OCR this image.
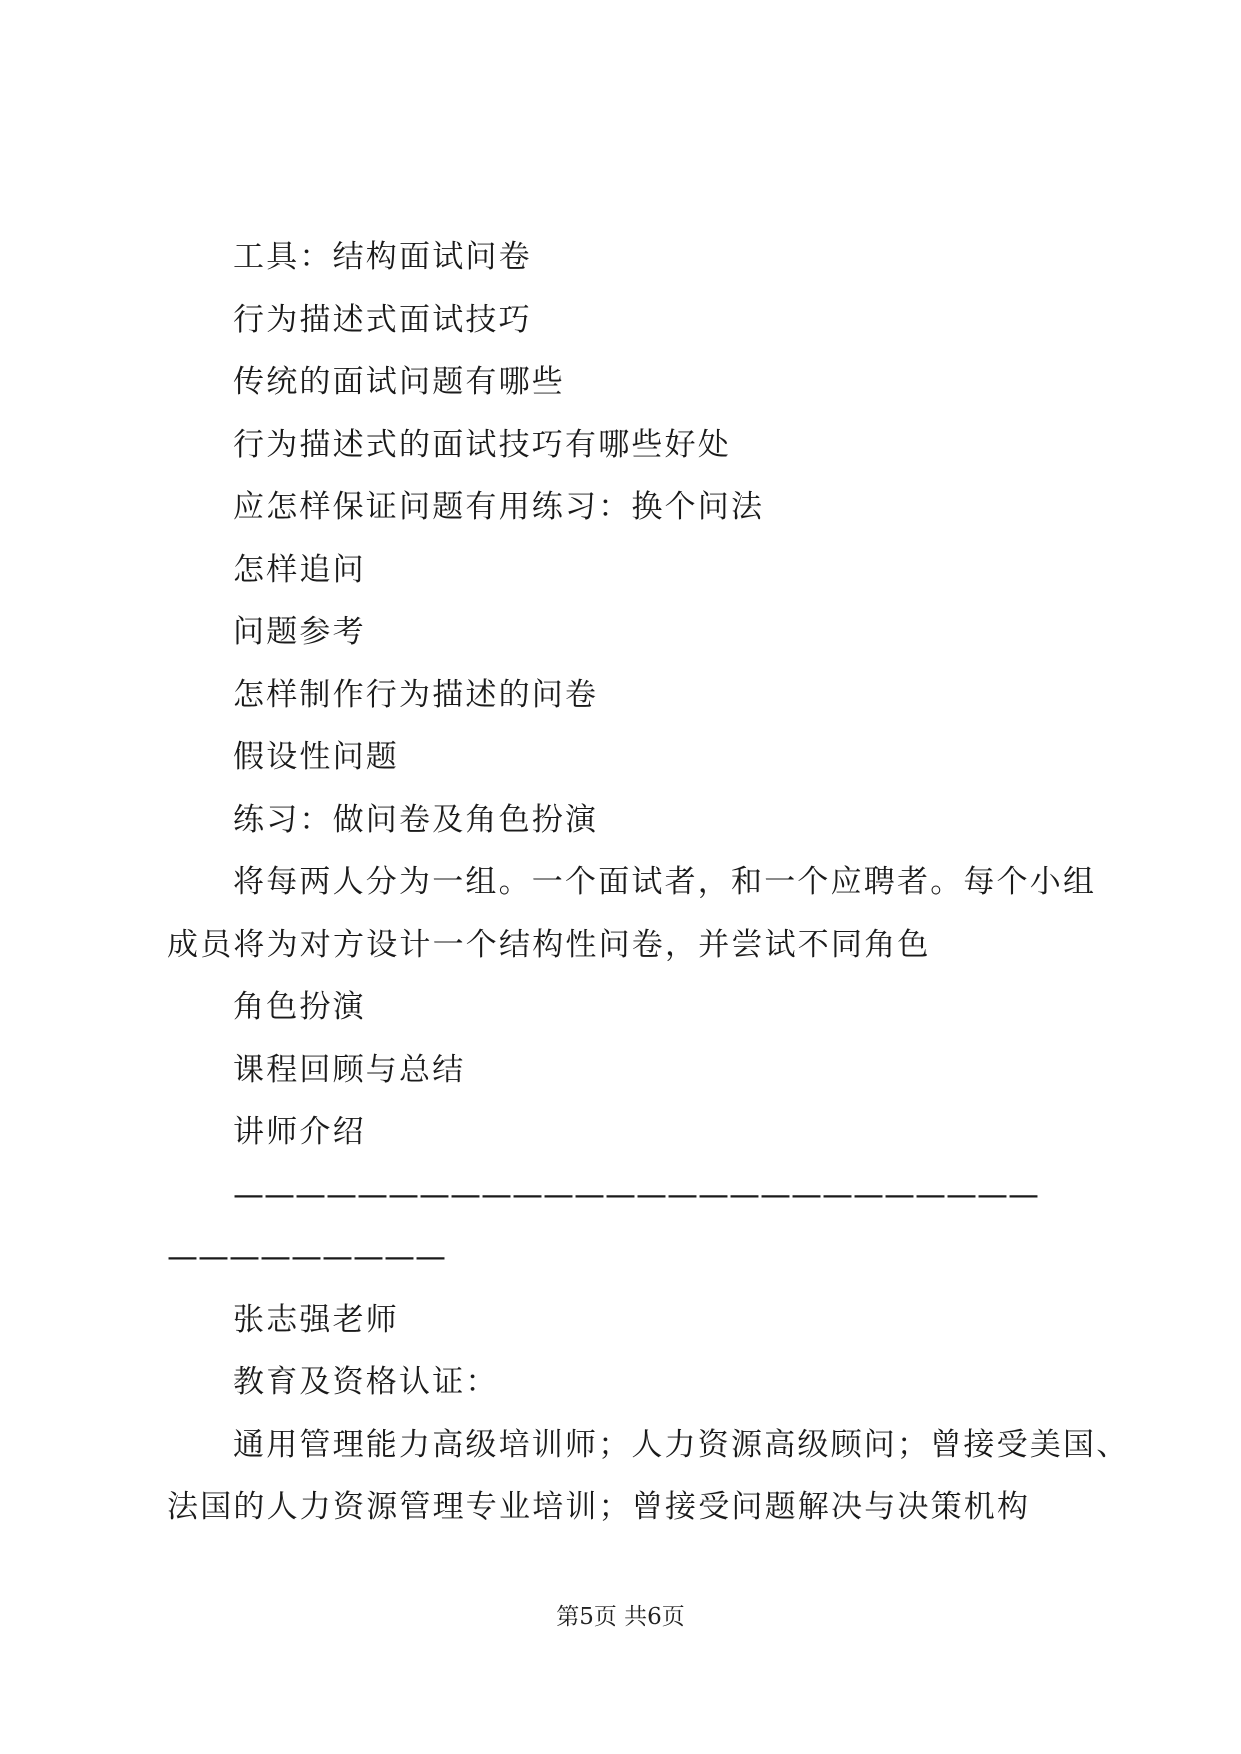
工具：结构面试问卷
行为描述式面试技巧
传统的面试问题有哪些
行为描述式的面试技巧有哪些好处
应怎样保证问题有用练习：换个问法
怎样追问
问题参考
怎样制作行为描述的问卷
假设性问题
练习：做问卷及角色扮演
将每两人分为一组。一个面试者，和一个应聘者。每个小组
成员将为对方设计一个结构性问卷，并尝试不同角色
角色扮演
课程回顾与总结
讲师介绍
——————————————————————————
—————————
张志强老师
教育及资格认证：
通用管理能力高级培训师；人力资源高级顾问；曾接受美国、
法国的人力资源管理专业培训；曾接受问题解决与决策机构
第5页 共6页
